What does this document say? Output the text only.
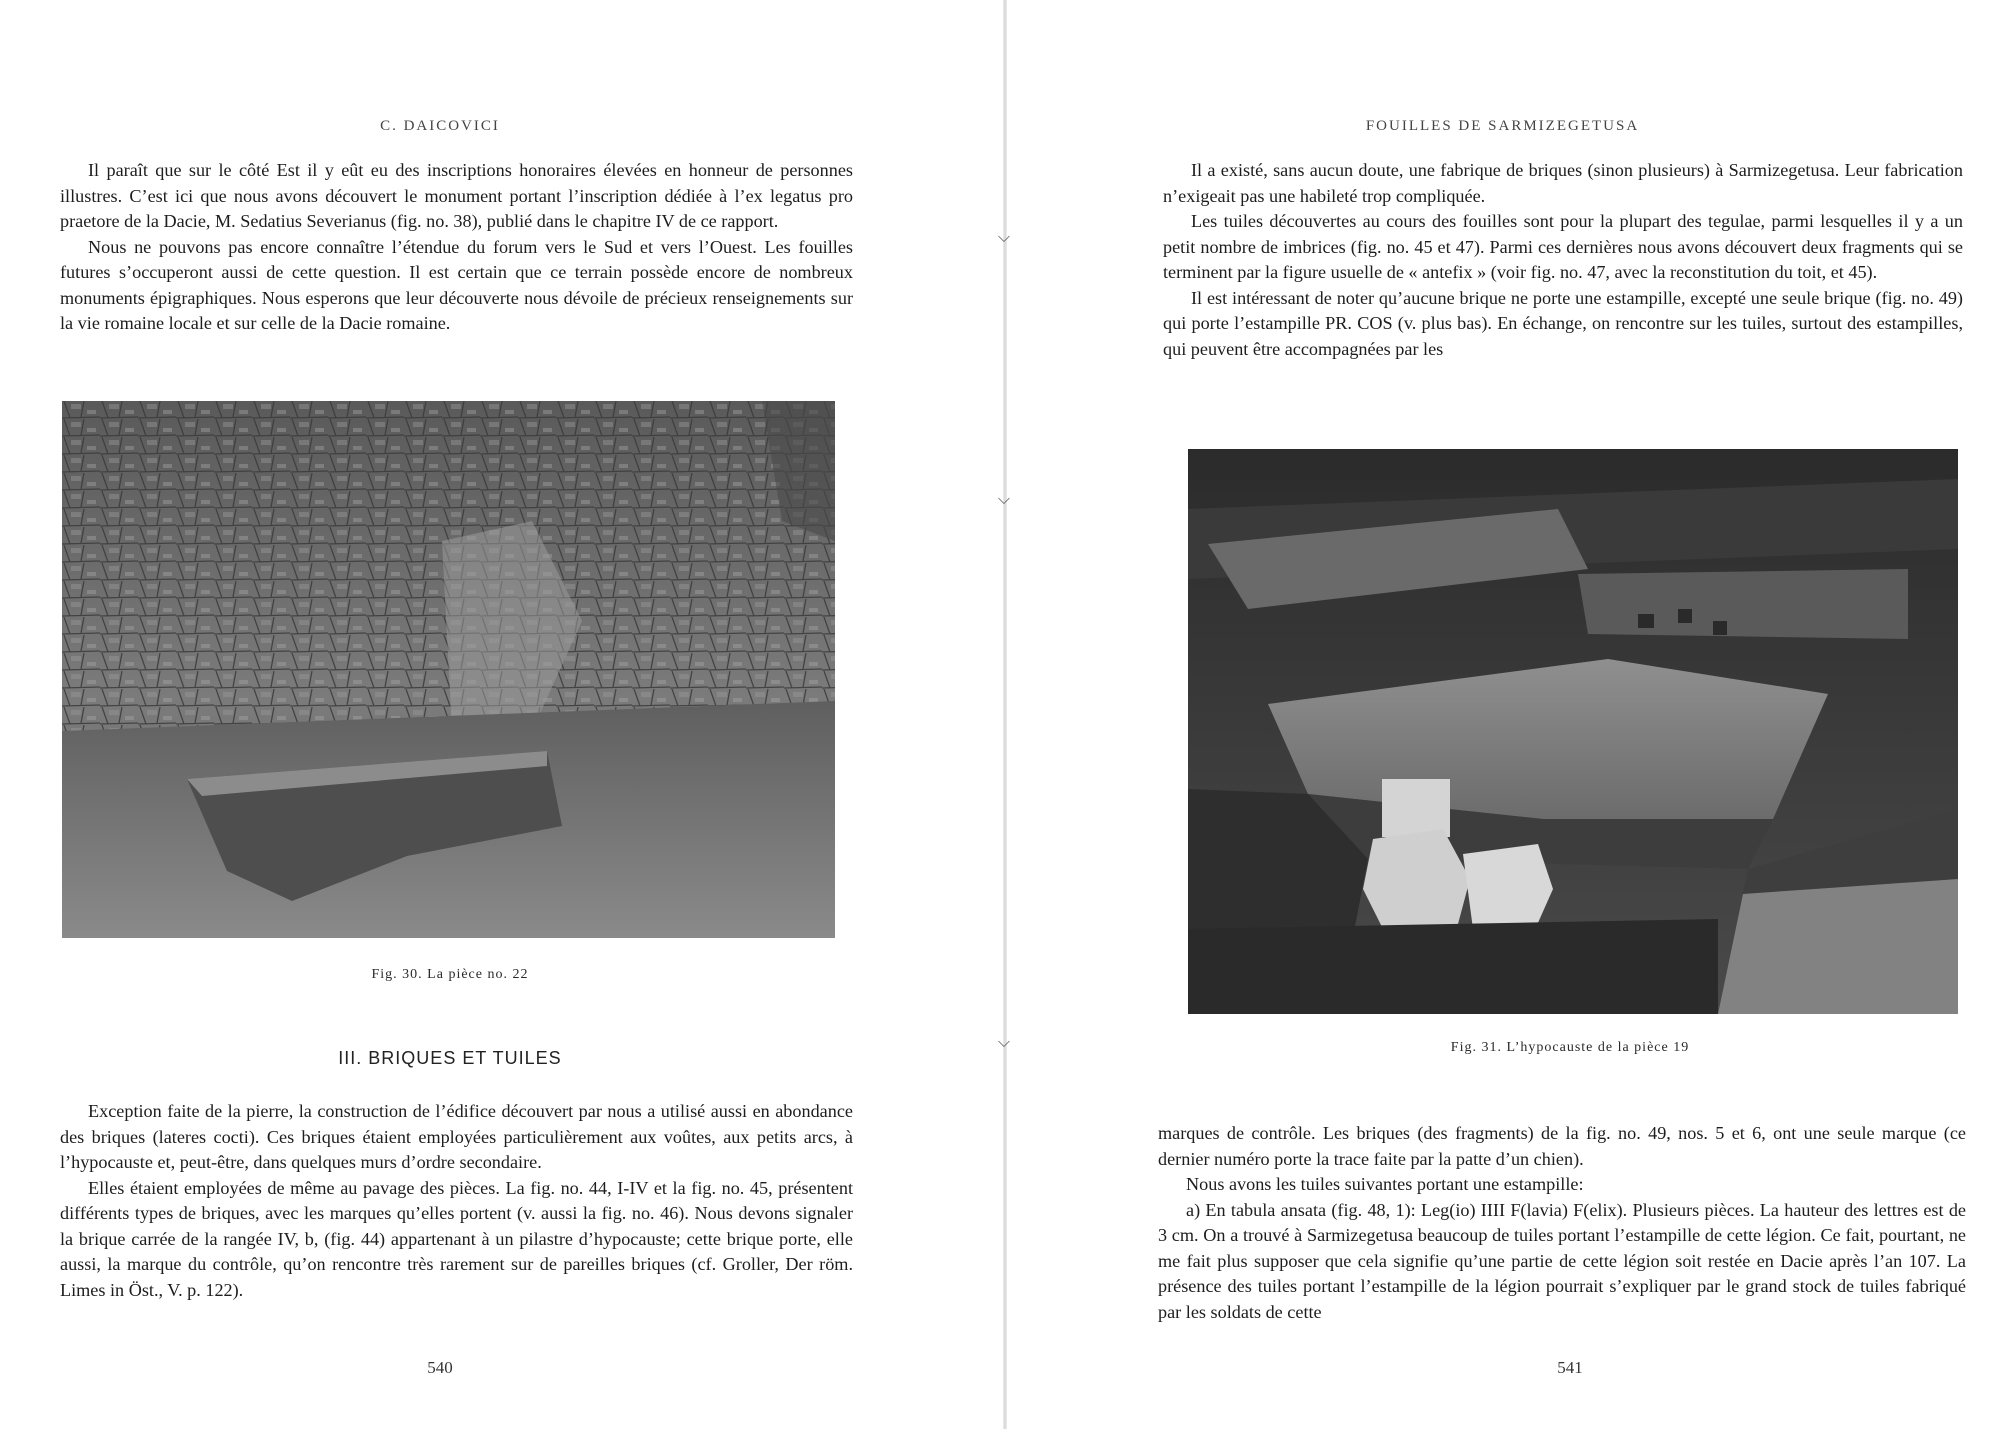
C. DAICOVICI

Il paraît que sur le côté Est il y eût eu des inscriptions honoraires élevées en honneur de personnes illustres. C’est ici que nous avons découvert le monument portant l’inscription dédiée à l’ex legatus pro praetore de la Dacie, M. Sedatius Severianus (fig. no. 38), publié dans le chapitre IV de ce rapport.

Nous ne pouvons pas encore connaître l’étendue du forum vers le Sud et vers l’Ouest. Les fouilles futures s’occuperont aussi de cette question. Il est certain que ce terrain possède encore de nombreux monuments épigraphiques. Nous esperons que leur découverte nous dévoile de précieux renseignements sur la vie romaine locale et sur celle de la Dacie romaine.

Fig. 30. La pièce no. 22
III. BRIQUES ET TUILES

Exception faite de la pierre, la construction de l’édifice découvert par nous a utilisé aussi en abondance des briques (lateres cocti). Ces briques étaient employées particulièrement aux voûtes, aux petits arcs, à l’hypocauste et, peut-être, dans quelques murs d’ordre secondaire.

Elles étaient employées de même au pavage des pièces. La fig. no. 44, I-IV et la fig. no. 45, présentent différents types de briques, avec les marques qu’elles portent (v. aussi la fig. no. 46). Nous devons signaler la brique carrée de la rangée IV, b, (fig. 44) appartenant à un pilastre d’hypocauste; cette brique porte, elle aussi, la marque du contrôle, qu’on rencontre très rarement sur de pareilles briques (cf. Groller, Der röm. Limes in Öst., V. p. 122).

540
⌵
⌵
⌵
FOUILLES DE SARMIZEGETUSA

Il a existé, sans aucun doute, une fabrique de briques (sinon plusieurs) à Sarmizegetusa. Leur fabrication n’exigeait pas une habileté trop compliquée.

Les tuiles découvertes au cours des fouilles sont pour la plupart des tegulae, parmi lesquelles il y a un petit nombre de imbrices (fig. no. 45 et 47). Parmi ces dernières nous avons découvert deux fragments qui se terminent par la figure usuelle de « antefix » (voir fig. no. 47, avec la reconstitution du toit, et 45).

Il est intéressant de noter qu’aucune brique ne porte une estampille, excepté une seule brique (fig. no. 49) qui porte l’estampille PR. COS (v. plus bas). En échange, on rencontre sur les tuiles, surtout des estampilles, qui peuvent être accompagnées par les

Fig. 31. L’hypocauste de la pièce 19

marques de contrôle. Les briques (des fragments) de la fig. no. 49, nos. 5 et 6, ont une seule marque (ce dernier numéro porte la trace faite par la patte d’un chien).

Nous avons les tuiles suivantes portant une estampille:

a) En tabula ansata (fig. 48, 1): Leg(io) IIII F(lavia) F(elix). Plusieurs pièces. La hauteur des lettres est de 3 cm. On a trouvé à Sarmizegetusa beaucoup de tuiles portant l’estampille de cette légion. Ce fait, pourtant, ne me fait plus supposer que cela signifie qu’une partie de cette légion soit restée en Dacie après l’an 107. La présence des tuiles portant l’estampille de la légion pourrait s’expliquer par le grand stock de tuiles fabriqué par les soldats de cette

541
